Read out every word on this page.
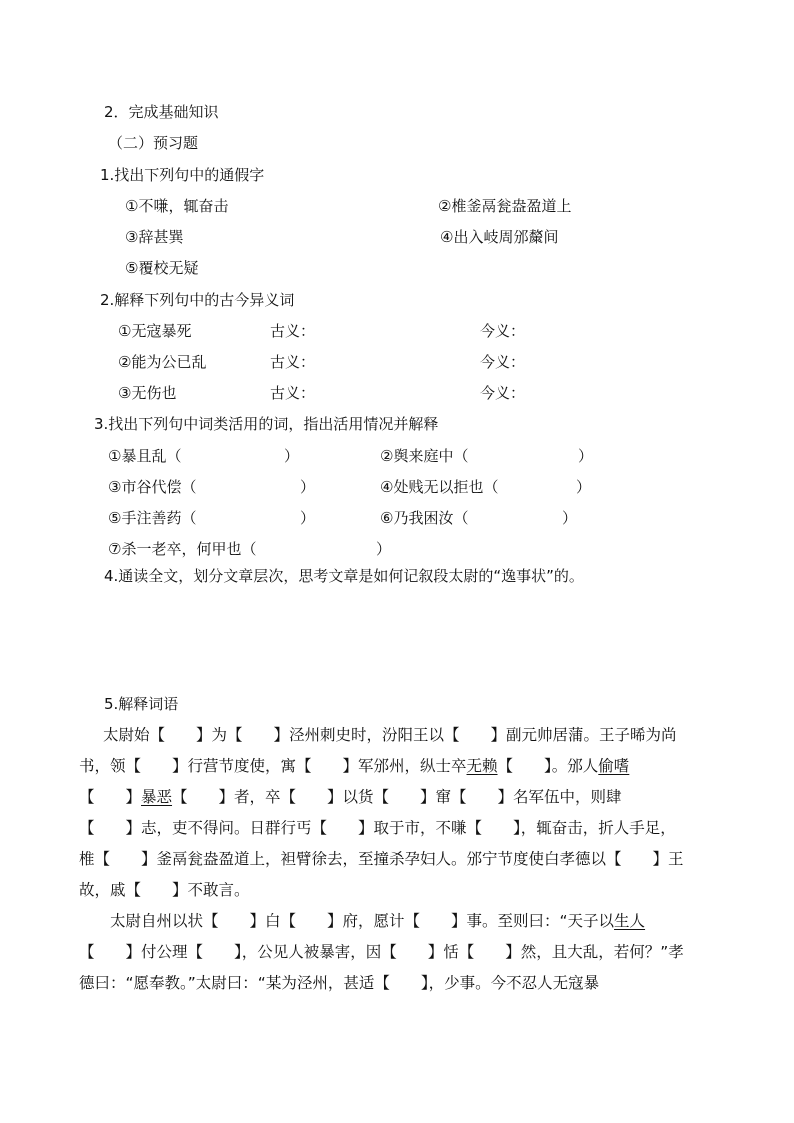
2．完成基础知识
（二）预习题
1.找出下列句中的通假字
①不嗛，辄奋击	②椎釜鬲瓮盎盈道上
③辞甚巽	④出入岐周邠斄间
⑤覆校无疑
2.解释下列句中的古今异义词
①无寇暴死	古义：	今义：
②能为公已乱	古义：	今义：
③无伤也	古义：	今义：
3.找出下列句中词类活用的词，指出活用情况并解释
①暴且乱（	）	②舆来庭中（	）
③市谷代偿（	）	④处贱无以拒也（	）
⑤手注善药（	）	⑥乃我困汝（	）
⑦杀一老卒，何甲也（	）
4.通读全文，划分文章层次，思考文章是如何记叙段太尉的“逸事状”的。
5.解释词语

太尉始【　　】为【　　】泾州刺史时，汾阳王以【　　】副元帅居蒲。王子晞为尚

书，领【　　】行营节度使，寓【　　】军邠州，纵士卒无赖【　　】。邠人偷嗜

【　　】暴恶【　　】者，卒【　　】以货【　　】窜【　　】名军伍中，则肆

【　　】志，吏不得问。日群行丐【　　】取于市，不嗛【　　】，辄奋击，折人手足，

椎【　　】釜鬲瓮盎盈道上，袒臂徐去，至撞杀孕妇人。邠宁节度使白孝德以【　　】王

故，戚【　　】不敢言。

　　太尉自州以状【　　】白【　　】府，愿计【　　】事。至则曰：“天子以生人

【　　】付公理【　　】，公见人被暴害，因【　　】恬【　　】然，且大乱，若何？”孝

德曰：“愿奉教。”太尉曰：“某为泾州，甚适【　　】，少事。今不忍人无寇暴
